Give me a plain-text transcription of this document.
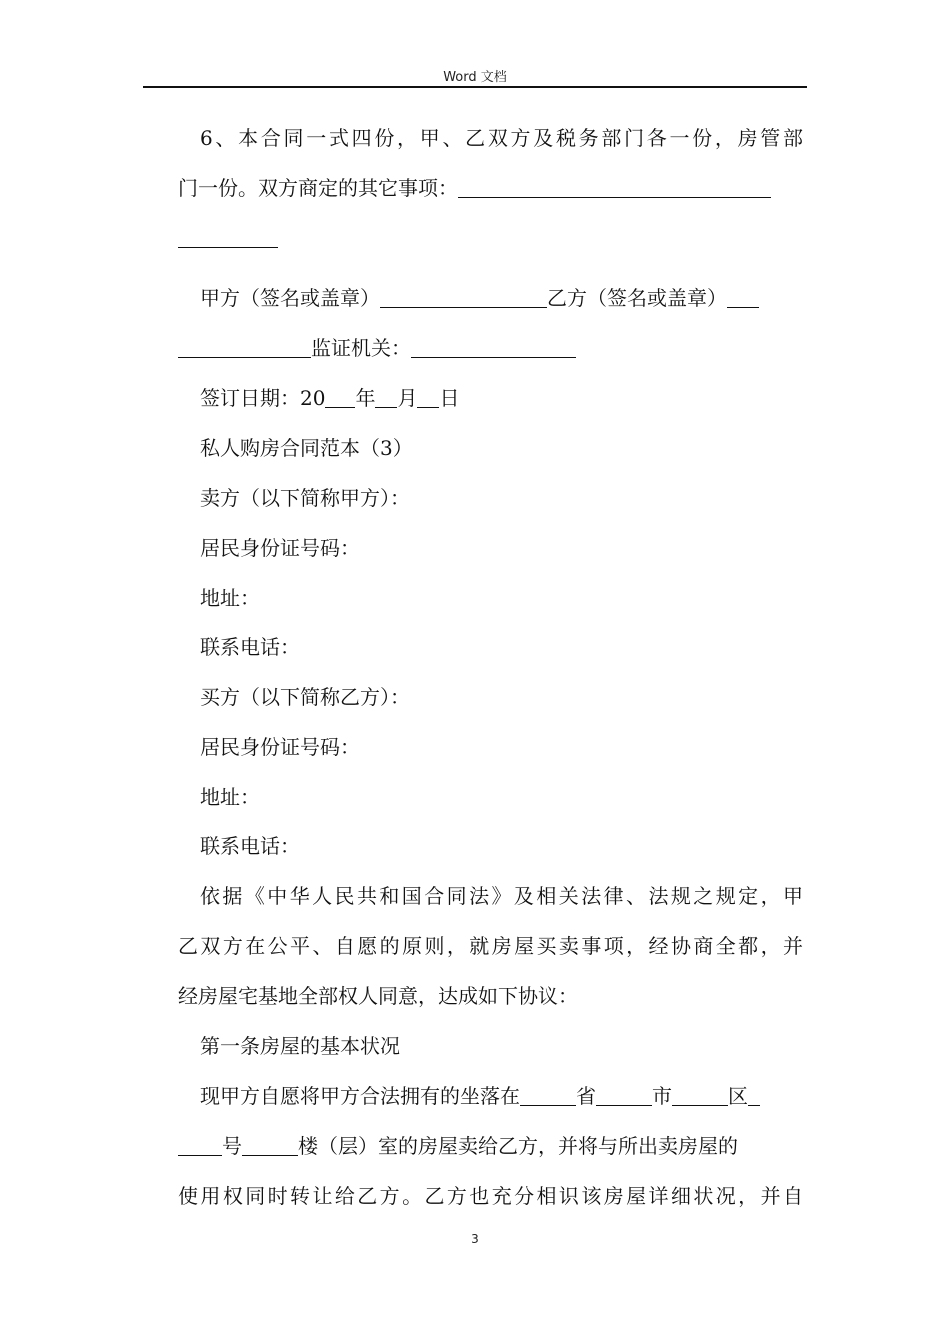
Word 文档
6、本合同一式四份，甲、乙双方及税务部门各一份，房管部
门一份。双方商定的其它事项：
甲方（签名或盖章）	乙方（签名或盖章）
监证机关：
签订日期：20 年 月 日
私人购房合同范本（3）
卖方（以下简称甲方）：
居民身份证号码：
地址：
联系电话：
买方（以下简称乙方）：
居民身份证号码：
地址：
联系电话：
依据《中华人民共和国合同法》及相关法律、法规之规定，甲
乙双方在公平、自愿的原则，就房屋买卖事项，经协商全都，并
经房屋宅基地全部权人同意，达成如下协议：
第一条房屋的基本状况
现甲方自愿将甲方合法拥有的坐落在	省	市	区
号	楼（层）室的房屋卖给乙方，并将与所出卖房屋的
使用权同时转让给乙方。乙方也充分相识该房屋详细状况，并自
3
